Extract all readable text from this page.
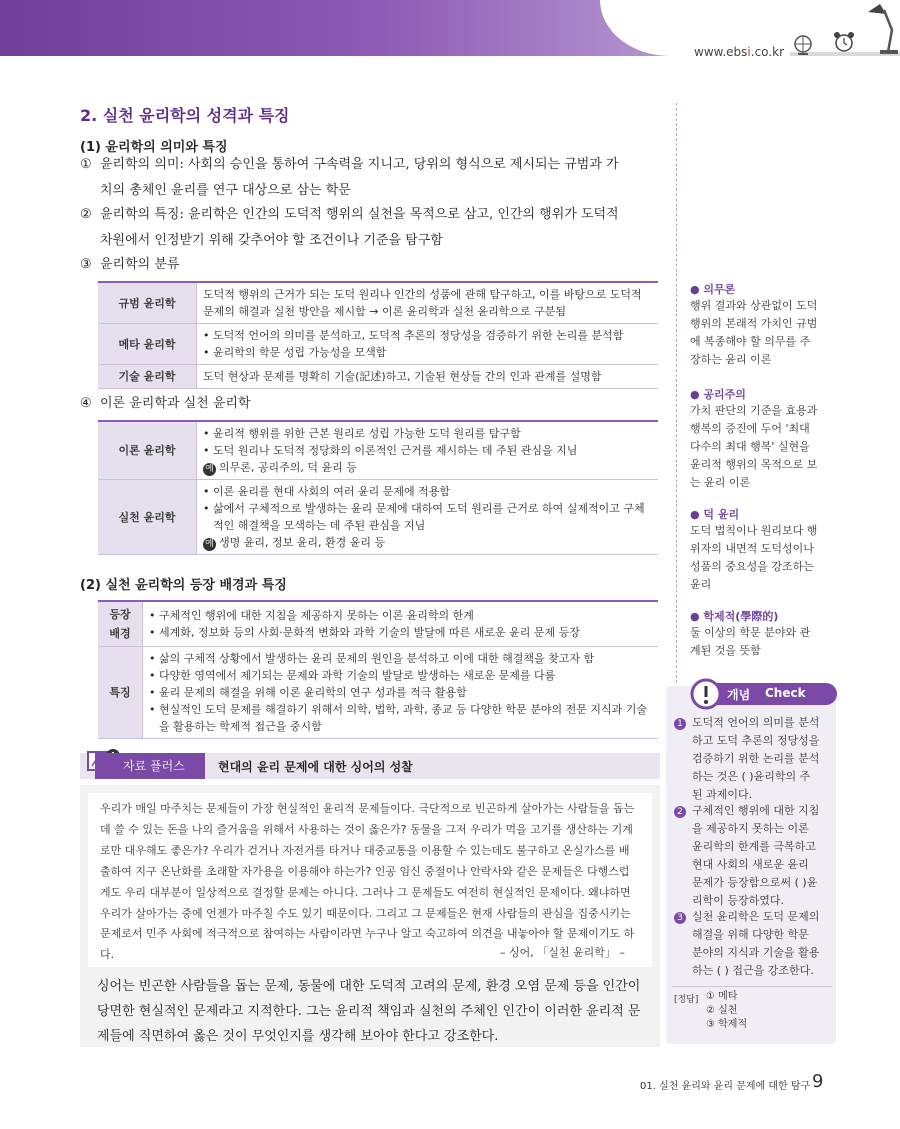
www.ebsi.co.kr
2. 실천 윤리학의 성격과 특징
(1) 윤리학의 의미와 특징
① 윤리학의 의미: 사회의 승인을 통하여 구속력을 지니고, 당위의 형식으로 제시되는 규범과 가
치의 총체인 윤리를 연구 대상으로 삼는 학문
② 윤리학의 특징: 윤리학은 인간의 도덕적 행위의 실천을 목적으로 삼고, 인간의 행위가 도덕적
차원에서 인정받기 위해 갖추어야 할 조건이나 기준을 탐구함
③ 윤리학의 분류
규범 윤리학	도덕적 행위의 근거가 되는 도덕 원리나 인간의 성품에 관해 탐구하고, 이를 바탕으로 도덕적
문제의 해결과 실천 방안을 제시함 → 이론 윤리학과 실천 윤리학으로 구분됨
메타 윤리학	• 도덕적 언어의 의미를 분석하고, 도덕적 추론의 정당성을 검증하기 위한 논리를 분석함
• 윤리학의 학문 성립 가능성을 모색함
기술 윤리학	도덕 현상과 문제를 명확히 기술(記述)하고, 기술된 현상들 간의 인과 관계를 설명함
④ 이론 윤리학과 실천 윤리학
이론 윤리학	• 윤리적 행위를 위한 근본 원리로 성립 가능한 도덕 원리를 탐구함
• 도덕 원리나 도덕적 정당화의 이론적인 근거를 제시하는 데 주된 관심을 지님
예 의무론, 공리주의, 덕 윤리 등

실천 윤리학	• 이론 윤리를 현대 사회의 여러 윤리 문제에 적용함
• 삶에서 구체적으로 발생하는 윤리 문제에 대하여 도덕 원리를 근거로 하여 실제적이고 구체적인 해결책을 모색하는 데 주된 관심을 지님
예 생명 윤리, 정보 윤리, 환경 윤리 등
(2) 실천 윤리학의 등장 배경과 특징
등장
배경	• 구체적인 행위에 대한 지침을 제공하지 못하는 이론 윤리학의 한계
• 세계화, 정보화 등의 사회·문화적 변화와 과학 기술의 발달에 따른 새로운 윤리 문제 등장

특징	• 삶의 구체적 상황에서 발생하는 윤리 문제의 원인을 분석하고 이에 대한 해결책을 찾고자 함
• 다양한 영역에서 제기되는 문제와 과학 기술의 발달로 발생하는 새로운 문제를 다룸
• 윤리 문제의 해결을 위해 이론 윤리학의 연구 성과를 적극 활용함
• 현실적인 도덕 문제를 해결하기 위해서 의학, 법학, 과학, 종교 등 다양한 학문 분야의 전문 지식과 기술을 활용하는 학제적 접근을 중시함
자료 플러스	현대의 윤리 문제에 대한 싱어의 성찰
우리가 매일 마주치는 문제들이 가장 현실적인 윤리적 문제들이다. 극단적으로 빈곤하게 살아가는 사람들을 돕는 데 쓸 수 있는 돈을 나의 즐거움을 위해서 사용하는 것이 옳은가? 동물을 그저 우리가 먹을 고기를 생산하는 기계로만 대우해도 좋은가? 우리가 걷거나 자전거를 타거나 대중교통을 이용할 수 있는데도 불구하고 온실가스를 배출하여 지구 온난화를 초래할 자가용을 이용해야 하는가? 인공 임신 중절이나 안락사와 같은 문제들은 다행스럽게도 우리 대부분이 일상적으로 결정할 문제는 아니다. 그러나 그 문제들도 여전히 현실적인 문제이다. 왜냐하면 우리가 살아가는 중에 언젠가 마주칠 수도 있기 때문이다. 그리고 그 문제들은 현재 사람들의 관심을 집중시키는 문제로서 민주 사회에 적극적으로 참여하는 사람이라면 누구나 알고 숙고하여 의견을 내놓아야 할 문제이기도 하다.	– 싱어, 「실천 윤리학」 –
싱어는 빈곤한 사람들을 돕는 문제, 동물에 대한 도덕적 고려의 문제, 환경 오염 문제 등을 인간이 당면한 현실적인 문제라고 지적한다. 그는 윤리적 책임과 실천의 주체인 인간이 이러한 윤리적 문제들에 직면하여 옳은 것이 무엇인지를 생각해 보아야 한다고 강조한다.
● 의무론
행위 결과와 상관없이 도덕 행위의 본래적 가치인 규범에 복종해야 할 의무를 주장하는 윤리 이론
● 공리주의
가치 판단의 기준을 효용과 행복의 증진에 두어 '최대 다수의 최대 행복' 실현을 윤리적 행위의 목적으로 보는 윤리 이론
● 덕 윤리
도덕 법칙이나 원리보다 행위자의 내면적 도덕성이나 성품의 중요성을 강조하는 윤리
● 학제적(學際的)
둘 이상의 학문 분야와 관계된 것을 뜻함
개념 Check
1 도덕적 언어의 의미를 분석하고 도덕 추론의 정당성을 검증하기 위한 논리를 분석하는 것은 ( )윤리학의 주된 과제이다.
2 구체적인 행위에 대한 지침을 제공하지 못하는 이론 윤리학의 한계를 극복하고 현대 사회의 새로운 윤리 문제가 등장함으로써 ( )윤리학이 등장하였다.
3 실천 윤리학은 도덕 문제의 해결을 위해 다양한 학문 분야의 지식과 기술을 활용하는 ( ) 접근을 강조한다.
[정답] ① 메타
② 실천
③ 학제적
01. 실천 윤리와 윤리 문제에 대한 탐구 9
